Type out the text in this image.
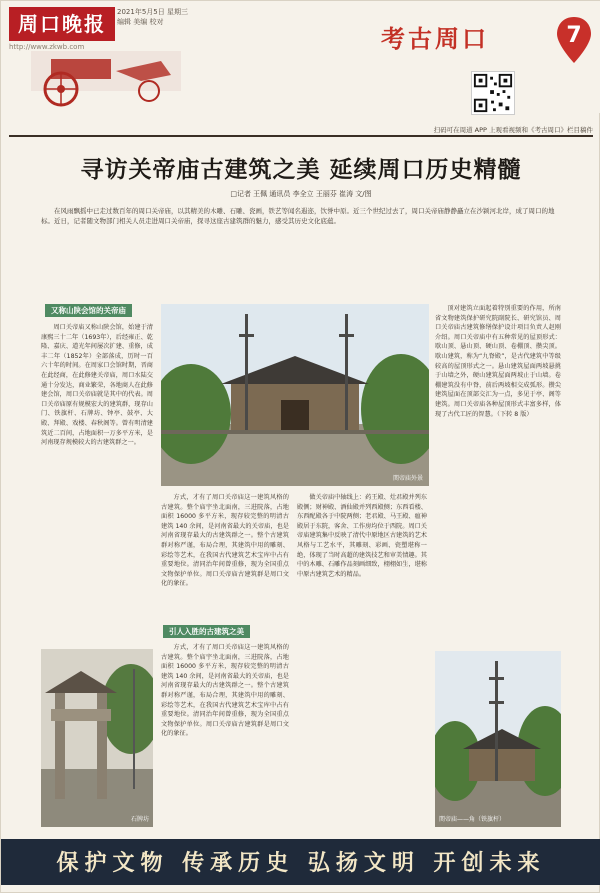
周口晚报
http://www.zkwb.com
2021年5月5日 星期三
编辑 美编 校对
考古周口	7
扫码可在周道 APP 上观看视频和《考古周口》栏目稿件
寻访关帝庙古建筑之美 延续周口历史精髓
□记者 王佩 通讯员 李全立 王丽芬 崔涛 文/图
在风雨飘摇中已走过数百年的周口关帝庙，以其精美的木雕、石雕、瓷画，铁艺等闻名遐迩，饮誉中原。近三个世纪过去了，周口关帝庙静静矗立在沙颍河北岸，成了周口的地标。近日，记者随文物部门相关人员走进周口关帝庙，探寻这座古建筑群的魅力，感受其历史文化底蕴。
又称山陕会馆的关帝庙

周口关帝庙又称山陕会馆，始建于清康熙三十二年（1693年），后经雍正、乾隆、嘉庆、道光年间屡次扩建、重修，成丰二年（1852年）全部落成，历时一百六十年的时间。在周家口会馆时期，晋商在此经商，在此修建关帝庙，周口水陆交通十分发达，商业繁荣，各地商人在此修建会馆，周口关帝庙就是其中的代表。周口关帝庙原有规模宏大的建筑群，现存山门、铁旗杆、石牌坊、钟亭、鼓亭、大殿、拜殿、戏楼、春秋阁等。曾有明清建筑近二百间，占地面积一万多平方米，是河南现存规模较大的古建筑群之一。

関帝庙外景

方式，才有了周口关帝庙这一建筑风格的古建筑。整个庙宇坐北面南，三进院落，占地面积 16000 多平方米，现存较完整的明清古建筑 140 余间，是河南省最大的关帝庙，也是河南省现存最大的古建筑群之一。整个古建筑群对称严谨，布局合理，其建筑中用的雕刻、彩绘等艺术，在我国古代建筑艺术宝库中占有重要地位。清同治年间曾重修，现为全国重点文物保护单位。周口关帝庙古建筑群是周口文化的象征。

引人入胜的古建筑之美

做关帝庙中轴线上：药王殿、灶君殿并列东殿侧；财神殿、酒仙殿并列西殿侧；东西看楼、东西配殿各于中院两侧；老君殿、马王殿、瘟神殿居于东院，客舍、工作房均位于西院。周口关帝庙建筑集中反映了清代中原地区古建筑的艺术风格与工艺水平，其雕刻、彩画、瓷塑堪称一绝，体现了当时高超的建筑技艺和审美情趣。其中的木雕、石雕作品刻画细致，栩栩如生，堪称中原古建筑艺术的精品。

方式，才有了周口关帝庙这一建筑风格的古建筑。整个庙宇坐北面南，三进院落，占地面积 16000 多平方米，现存较完整的明清古建筑 140 余间，是河南省最大的关帝庙，也是河南省现存最大的古建筑群之一。整个古建筑群对称严谨，布局合理，其建筑中用的雕刻、彩绘等艺术，在我国古代建筑艺术宝库中占有重要地位。清同治年间曾重修，现为全国重点文物保护单位。周口关帝庙古建筑群是周口文化的象征。

顶对建筑立面起着特别重要的作用，所南省文物建筑保护研究院副院长、研究馆员、周口关帝庙古建筑修缮保护设计项目负责人赵刚介绍。周口关帝庙中有五种常见的屋顶形式：歇山顶、悬山顶、硬山顶、卷棚顶、攒尖顶。歇山建筑，称为“九脊殿”，是古代建筑中等级较高的屋顶形式之一。悬山建筑屋面两坡悬挑于山墙之外，硬山建筑屋面两坡止于山墙。卷棚建筑没有中脊，前后两坡相交成弧形。攒尖建筑屋面在顶部交汇为一点，多见于亭、阁等建筑。周口关帝庙各种屋顶形式丰富多样，体现了古代工匠的智慧。（下转 8 版）

石牌坊	関帝庙——角（铁旗杆）
保护文物 传承历史 弘扬文明 开创未来
